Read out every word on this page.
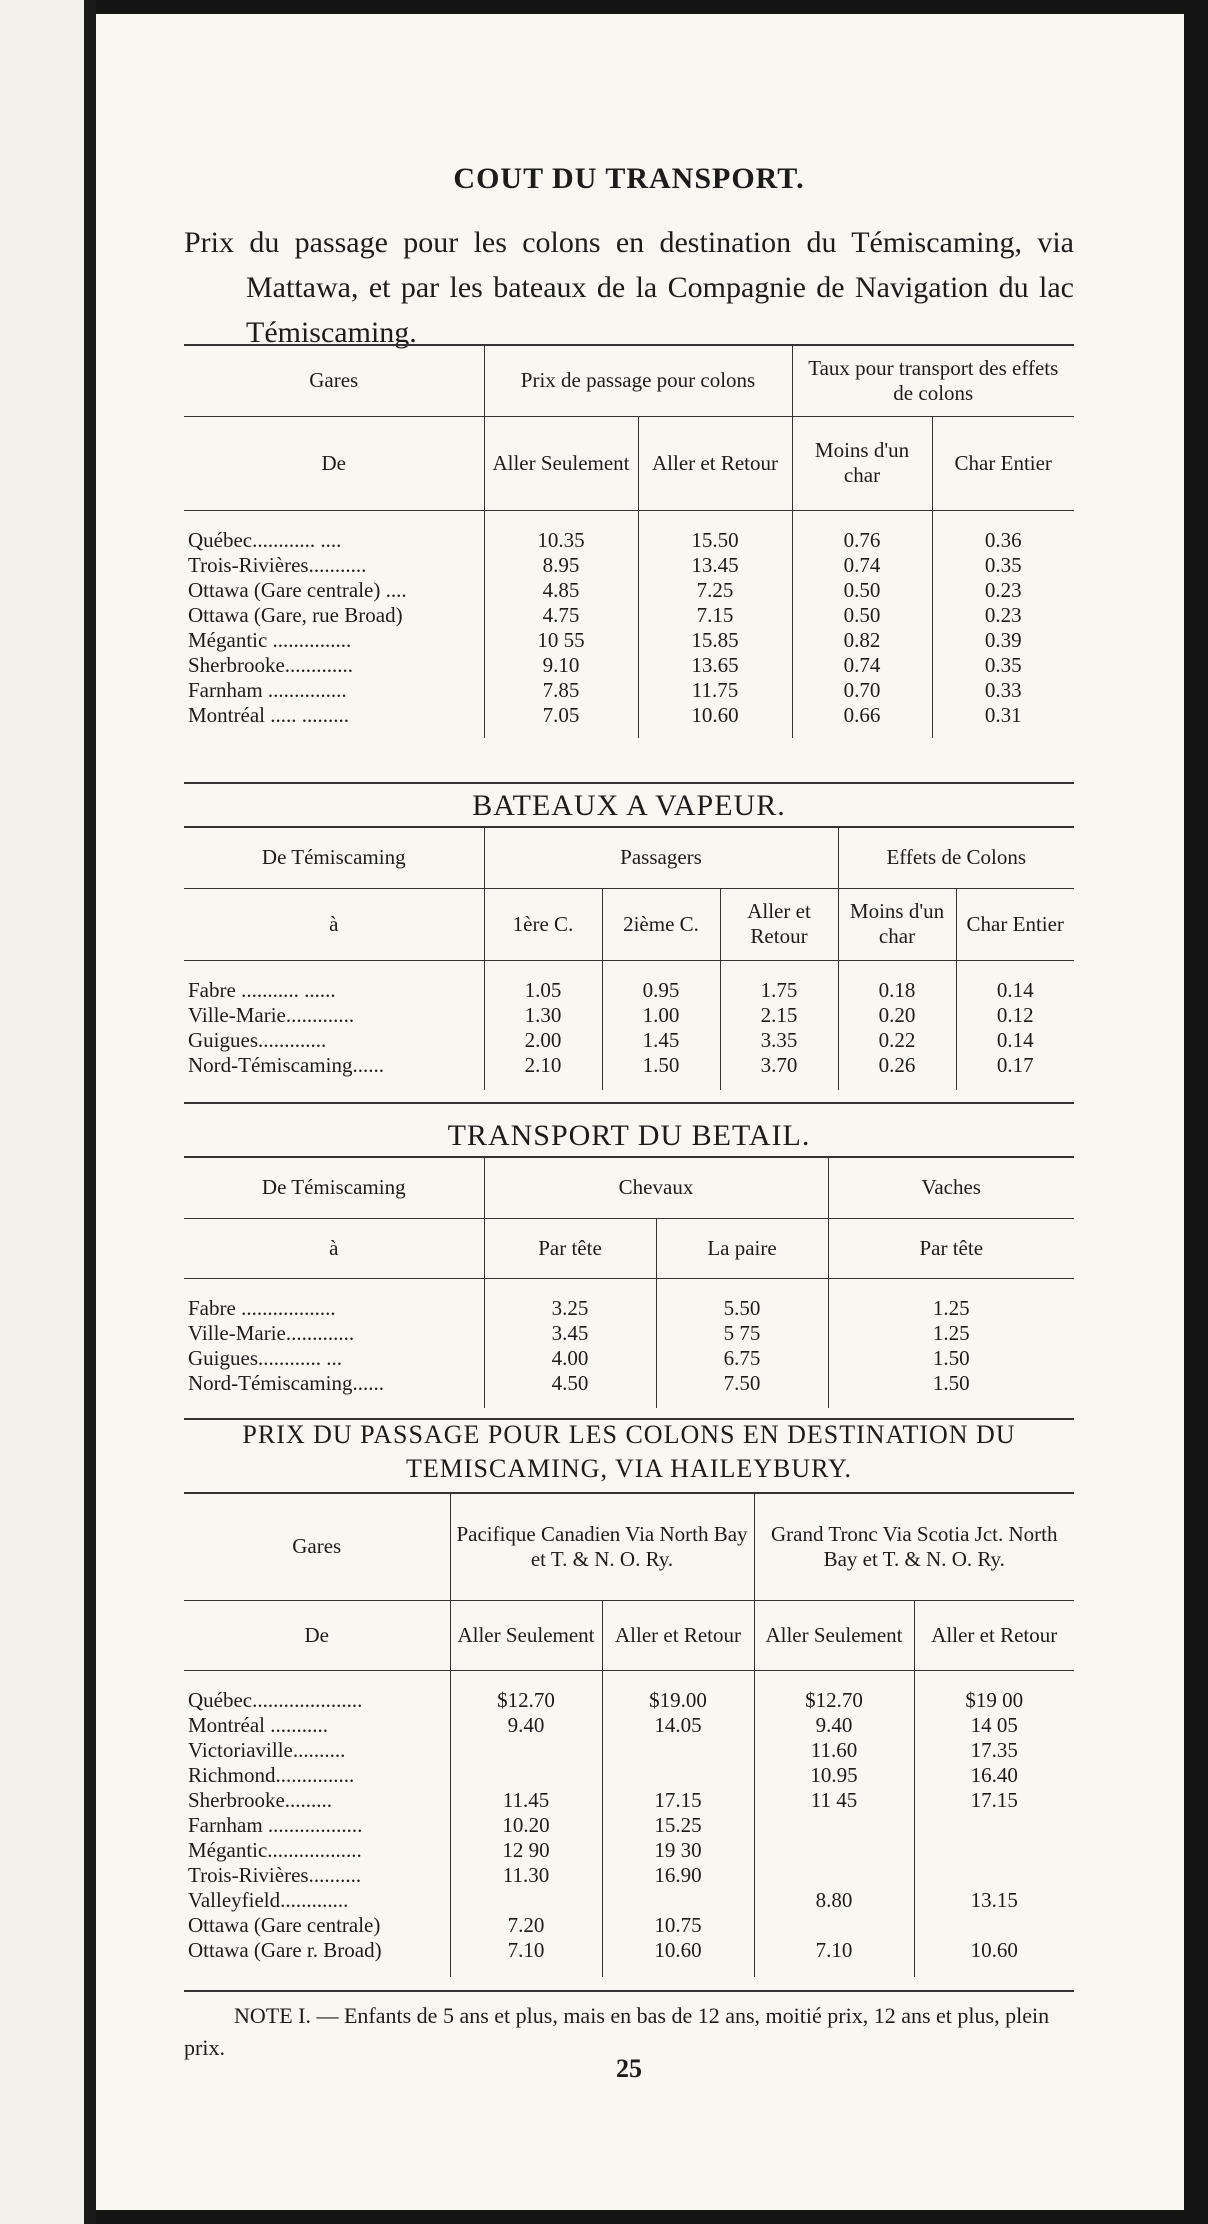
COUT DU TRANSPORT.
Prix du passage pour les colons en destination du Témiscaming, via Mattawa, et par les bateaux de la Compagnie de Navigation du lac Témiscaming.
Gares	Prix de passage pour colons		Taux pour transport des effets de colons	
De	Aller Seulement	Aller et Retour	Moins d'un char	Char Entier

Québec............ ....	10.35	15.50	0.76	0.36
Trois-Rivières...........	8.95	13.45	0.74	0.35
Ottawa (Gare centrale) ....	4.85	7.25	0.50	0.23
Ottawa (Gare, rue Broad)	4.75	7.15	0.50	0.23
Mégantic ...............	10 55	15.85	0.82	0.39
Sherbrooke.............	9.10	13.65	0.74	0.35
Farnham ...............	7.85	11.75	0.70	0.33
Montréal ..... .........	7.05	10.60	0.66	0.31

BATEAUX A VAPEUR.
De Témiscaming	Passagers			Effets de Colons	
à	1ère C.	2ième C.	Aller et Retour	Moins d'un char	Char Entier

Fabre ........... ......	1.05	0.95	1.75	0.18	0.14
Ville-Marie.............	1.30	1.00	2.15	0.20	0.12
Guigues.............	2.00	1.45	3.35	0.22	0.14
Nord-Témiscaming......	2.10	1.50	3.70	0.26	0.17

TRANSPORT DU BETAIL.
De Témiscaming	Chevaux		Vaches
à	Par tête	La paire	Par tête

Fabre ..................	3.25	5.50	1.25
Ville-Marie.............	3.45	5 75	1.25
Guigues............ ...	4.00	6.75	1.50
Nord-Témiscaming......	4.50	7.50	1.50

PRIX DU PASSAGE POUR LES COLONS EN DESTINATION DU TEMISCAMING, VIA HAILEYBURY.
Gares	Pacifique Canadien Via North Bay et T. & N. O. Ry.		Grand Tronc Via Scotia Jct. North Bay et T. & N. O. Ry.	
De	Aller Seulement	Aller et Retour	Aller Seulement	Aller et Retour

Québec.....................	$12.70	$19.00	$12.70	$19 00
Montréal ...........	9.40	14.05	9.40	14 05
Victoriaville..........			11.60	17.35
Richmond...............			10.95	16.40
Sherbrooke.........	11.45	17.15	11 45	17.15
Farnham ..................	10.20	15.25		
Mégantic..................	12 90	19 30		
Trois-Rivières..........	11.30	16.90		
Valleyfield.............			8.80	13.15
Ottawa (Gare centrale)	7.20	10.75		
Ottawa (Gare r. Broad)	7.10	10.60	7.10	10.60

NOTE I. — Enfants de 5 ans et plus, mais en bas de 12 ans, moitié prix, 12 ans et plus, plein prix.
25
